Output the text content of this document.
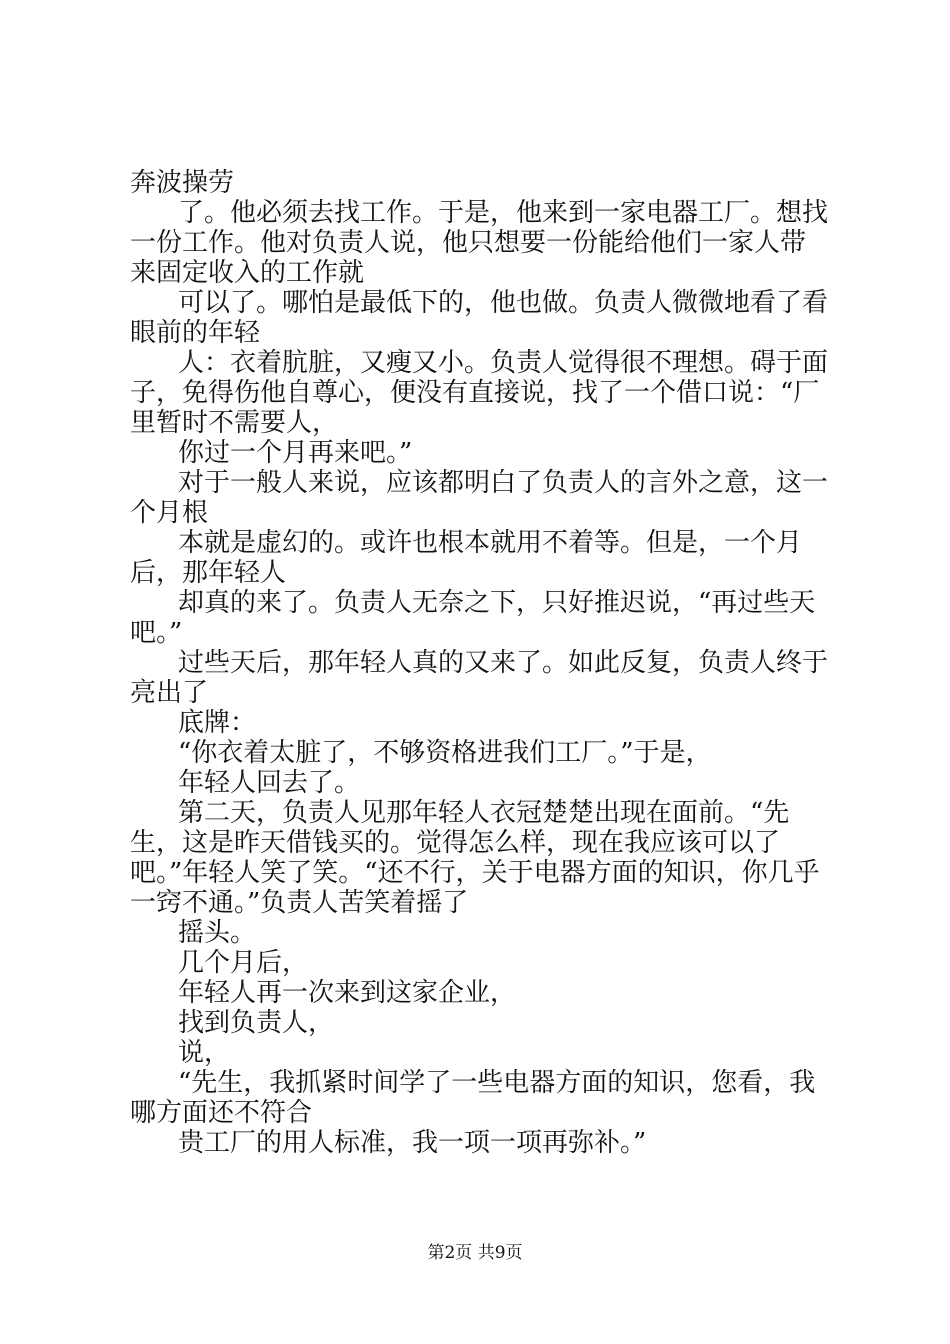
奔波操劳

了。他必须去找工作。于是，他来到一家电器工厂。想找一份工作。他对负责人说，他只想要一份能给他们一家人带来固定收入的工作就

可以了。哪怕是最低下的，他也做。负责人微微地看了看眼前的年轻

人：衣着肮脏，又瘦又小。负责人觉得很不理想。碍于面子，免得伤他自尊心，便没有直接说，找了一个借口说：“厂里暂时不需要人，

你过一个月再来吧。”

对于一般人来说，应该都明白了负责人的言外之意，这一个月根

本就是虚幻的。或许也根本就用不着等。但是，一个月后，那年轻人

却真的来了。负责人无奈之下，只好推迟说，“再过些天吧。”

过些天后，那年轻人真的又来了。如此反复，负责人终于亮出了

底牌：

“你衣着太脏了，不够资格进我们工厂。”于是，

年轻人回去了。

第二天，负责人见那年轻人衣冠楚楚出现在面前。“先生，这是昨天借钱买的。觉得怎么样，现在我应该可以了吧。”年轻人笑了笑。“还不行，关于电器方面的知识，你几乎一窍不通。”负责人苦笑着摇了

摇头。

几个月后，

年轻人再一次来到这家企业，

找到负责人，

说，

“先生，我抓紧时间学了一些电器方面的知识，您看，我哪方面还不符合

贵工厂的用人标准，我一项一项再弥补。”

第2页 共9页
